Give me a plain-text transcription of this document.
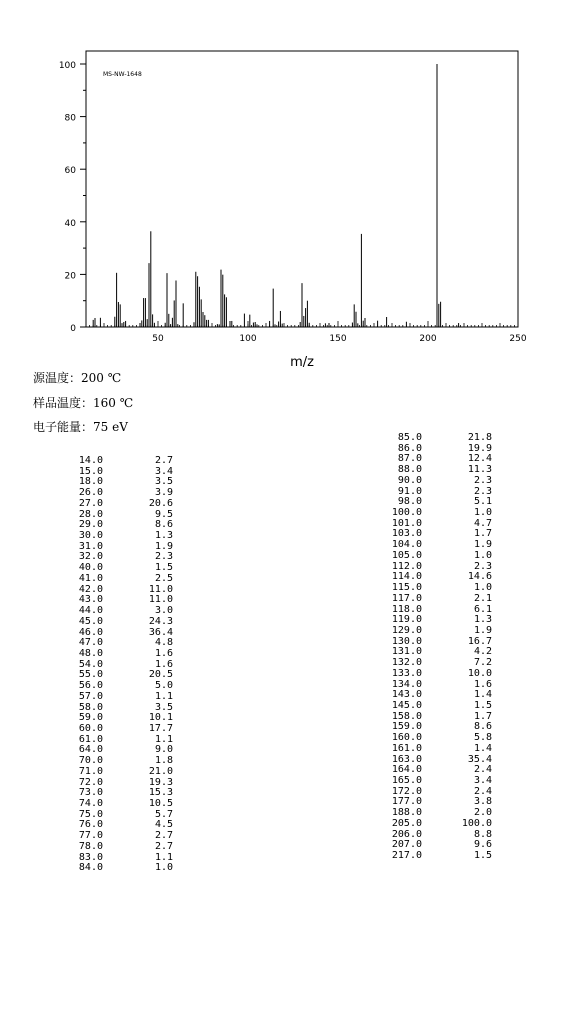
0
20
40
60
80
100
50	100	150	200	250
MS-NW-1648
m/z
源温度：200 ℃
样品温度：160 ℃
电子能量：75 eV
14.0	2.7
15.0	3.4
18.0	3.5
26.0	3.9
27.0	20.6
28.0	9.5
29.0	8.6
30.0	1.3
31.0	1.9
32.0	2.3
40.0	1.5
41.0	2.5
42.0	11.0
43.0	11.0
44.0	3.0
45.0	24.3
46.0	36.4
47.0	4.8
48.0	1.6
54.0	1.6
55.0	20.5
56.0	5.0
57.0	1.1
58.0	3.5
59.0	10.1
60.0	17.7
61.0	1.1
64.0	9.0
70.0	1.8
71.0	21.0
72.0	19.3
73.0	15.3
74.0	10.5
75.0	5.7
76.0	4.5
77.0	2.7
78.0	2.7
83.0	1.1
84.0	1.0
85.0	21.8
86.0	19.9
87.0	12.4
88.0	11.3
90.0	2.3
91.0	2.3
98.0	5.1
100.0	1.0
101.0	4.7
103.0	1.7
104.0	1.9
105.0	1.0
112.0	2.3
114.0	14.6
115.0	1.0
117.0	2.1
118.0	6.1
119.0	1.3
129.0	1.9
130.0	16.7
131.0	4.2
132.0	7.2
133.0	10.0
134.0	1.6
143.0	1.4
145.0	1.5
158.0	1.7
159.0	8.6
160.0	5.8
161.0	1.4
163.0	35.4
164.0	2.4
165.0	3.4
172.0	2.4
177.0	3.8
188.0	2.0
205.0	100.0
206.0	8.8
207.0	9.6
217.0	1.5
